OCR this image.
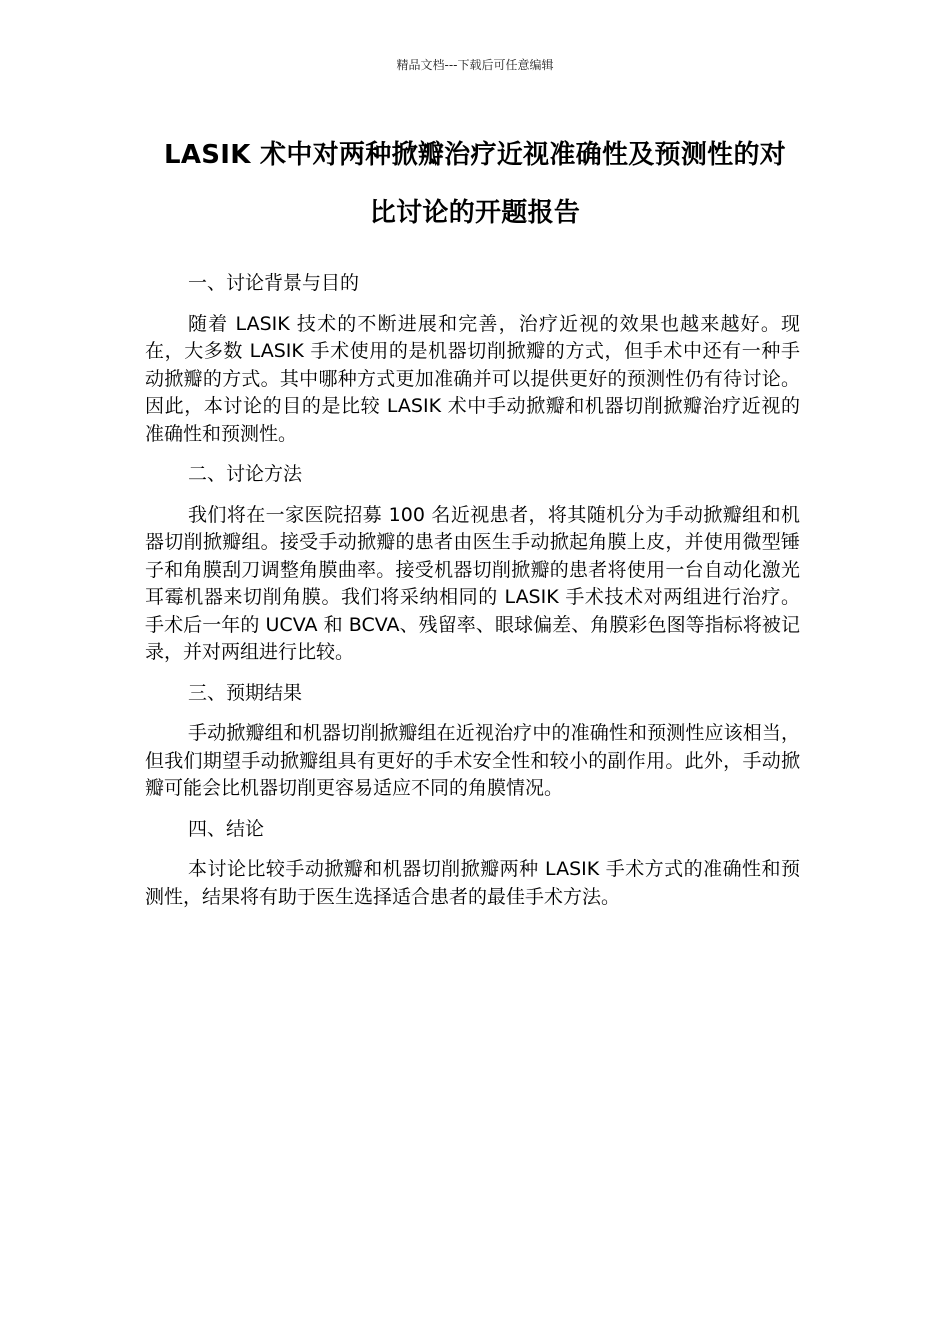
精品文档---下载后可任意编辑
LASIK 术中对两种掀瓣治疗近视准确性及预测性的对
比讨论的开题报告

一、讨论背景与目的

随着 LASIK 技术的不断进展和完善，治疗近视的效果也越来越好。现在，大多数 LASIK 手术使用的是机器切削掀瓣的方式，但手术中还有一种手动掀瓣的方式。其中哪种方式更加准确并可以提供更好的预测性仍有待讨论。因此，本讨论的目的是比较 LASIK 术中手动掀瓣和机器切削掀瓣治疗近视的准确性和预测性。

二、讨论方法

我们将在一家医院招募 100 名近视患者，将其随机分为手动掀瓣组和机器切削掀瓣组。接受手动掀瓣的患者由医生手动掀起角膜上皮，并使用微型锤子和角膜刮刀调整角膜曲率。接受机器切削掀瓣的患者将使用一台自动化激光耳霉机器来切削角膜。我们将采纳相同的 LASIK 手术技术对两组进行治疗。手术后一年的 UCVA 和 BCVA、残留率、眼球偏差、角膜彩色图等指标将被记录，并对两组进行比较。

三、预期结果

手动掀瓣组和机器切削掀瓣组在近视治疗中的准确性和预测性应该相当，但我们期望手动掀瓣组具有更好的手术安全性和较小的副作用。此外，手动掀瓣可能会比机器切削更容易适应不同的角膜情况。

四、结论

本讨论比较手动掀瓣和机器切削掀瓣两种 LASIK 手术方式的准确性和预测性，结果将有助于医生选择适合患者的最佳手术方法。
